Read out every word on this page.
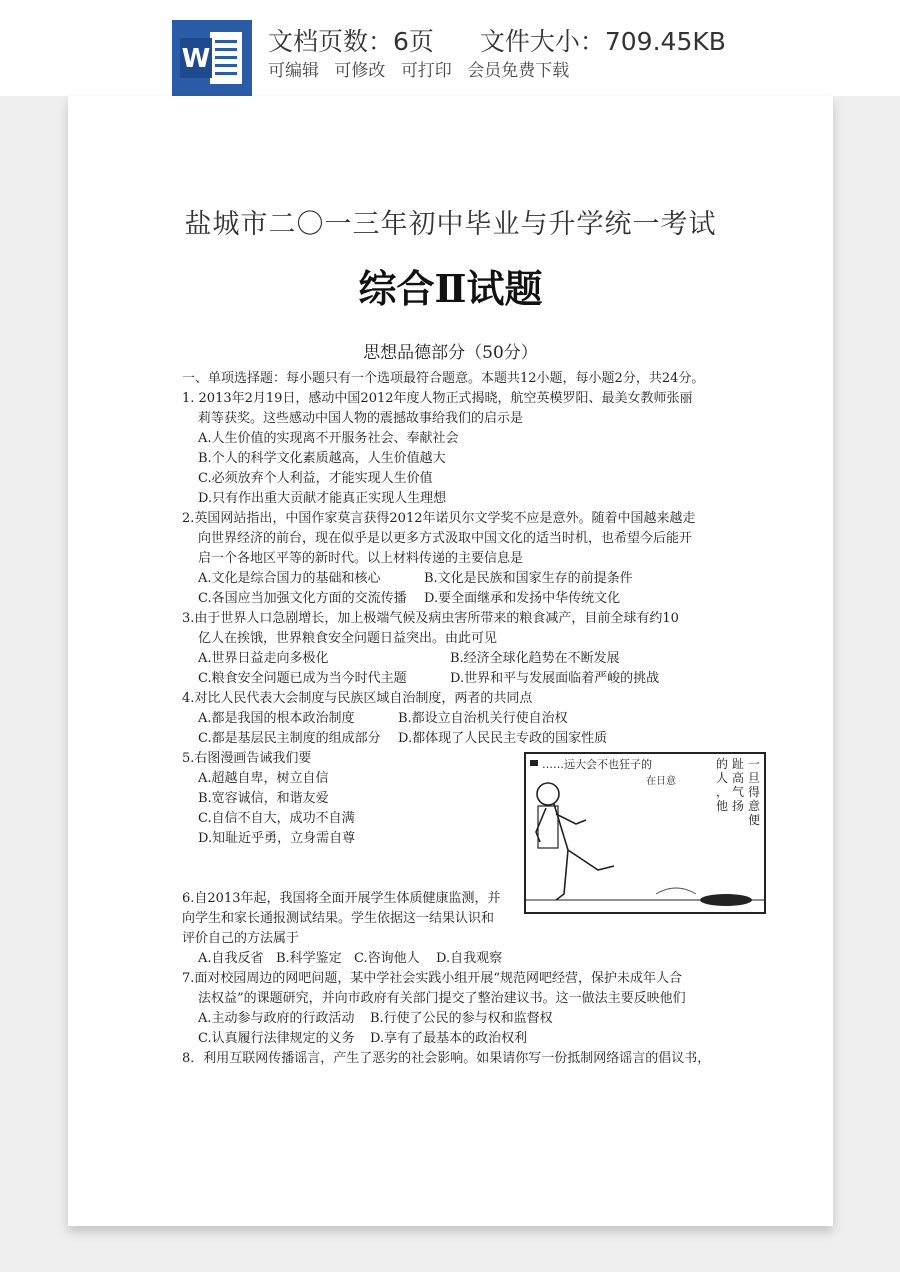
W
文档页数：6页 文件大小：709.45KB
可编辑 可修改 可打印 会员免费下载
盐城市二〇一三年初中毕业与升学统一考试
综合Ⅱ试题
思想品德部分（50分）
一、单项选择题：每小题只有一个选项最符合题意。本题共12小题，每小题2分，共24分。
1. 2013年2月19日，感动中国2012年度人物正式揭晓，航空英模罗阳、最美女教师张丽
莉等获奖。这些感动中国人物的震撼故事给我们的启示是
A.人生价值的实现离不开服务社会、奉献社会
B.个人的科学文化素质越高，人生价值越大
C.必须放弃个人利益，才能实现人生价值
D.只有作出重大贡献才能真正实现人生理想
2.英国网站指出，中国作家莫言获得2012年诺贝尔文学奖不应是意外。随着中国越来越走
向世界经济的前台，现在似乎是以更多方式汲取中国文化的适当时机，也希望今后能开
启一个各地区平等的新时代。以上材料传递的主要信息是
A.文化是综合国力的基础和核心	B.文化是民族和国家生存的前提条件
C.各国应当加强文化方面的交流传播 D.要全面继承和发扬中华传统文化
3.由于世界人口急剧增长，加上极端气候及病虫害所带来的粮食减产，目前全球有约10
亿人在挨饿，世界粮食安全问题日益突出。由此可见
A.世界日益走向多极化	B.经济全球化趋势在不断发展
C.粮食安全问题已成为当今时代主题	D.世界和平与发展面临着严峻的挑战
4.对比人民代表大会制度与民族区域自治制度，两者的共同点
A.都是我国的根本政治制度	B.都设立自治机关行使自治权
C.都是基层民主制度的组成部分 D.都体现了人民民主专政的国家性质
5.右图漫画告诫我们要
A.超越自卑，树立自信
B.宽容诚信，和谐友爱
C.自信不自大，成功不自满
D.知耻近乎勇，立身需自尊
……远大会不也狂子的
在日意
一
旦
得
意
便
趾
高
气
扬
的
人
，
他
6.自2013年起，我国将全面开展学生体质健康监测，并
向学生和家长通报测试结果。学生依据这一结果认识和
评价自己的方法属于
A.自我反省 B.科学鉴定 C.咨询他人 D.自我观察
7.面对校园周边的网吧问题，某中学社会实践小组开展“规范网吧经营，保护未成年人合
法权益”的课题研究，并向市政府有关部门提交了整治建议书。这一做法主要反映他们
A.主动参与政府的行政活动 B.行使了公民的参与权和监督权
C.认真履行法律规定的义务 D.享有了最基本的政治权利
8．利用互联网传播谣言，产生了恶劣的社会影响。如果请你写一份抵制网络谣言的倡议书，
